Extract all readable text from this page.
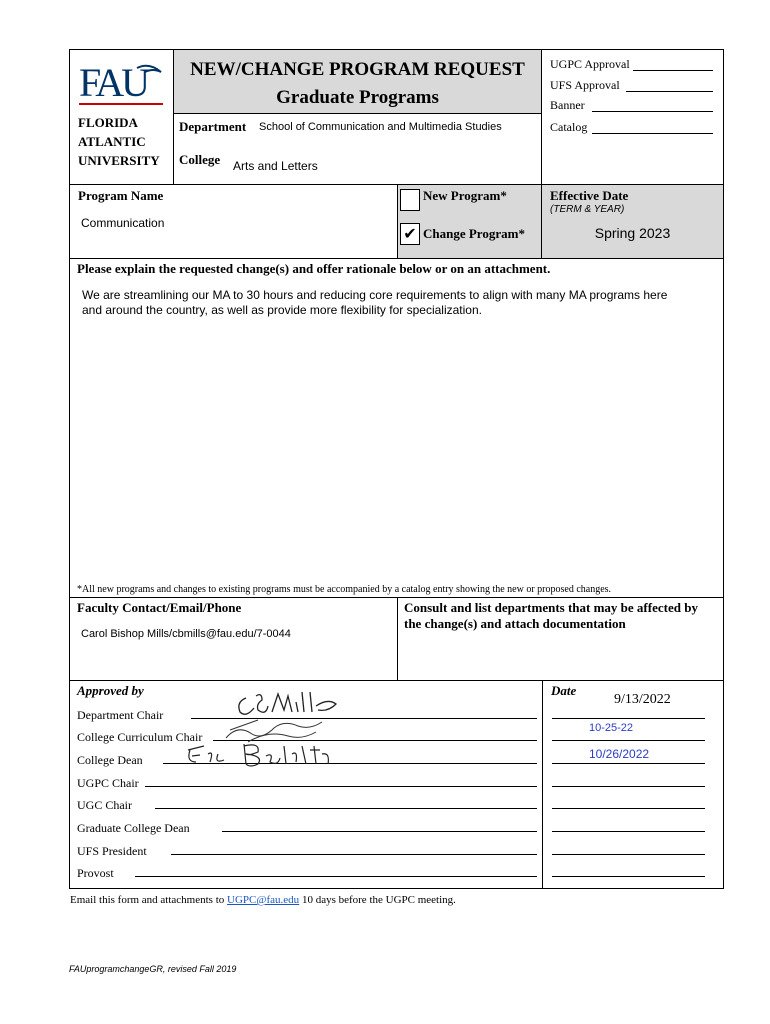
FAU
FLORIDA
ATLANTIC
UNIVERSITY
NEW/CHANGE PROGRAM REQUEST
Graduate Programs
Department School of Communication and Multimedia Studies
College Arts and Letters
UGPC Approval
UFS Approval
Banner
Catalog
Program Name
Communication
New Program*
✔ Change Program*
Effective Date
(TERM & YEAR)
Spring 2023
Please explain the requested change(s) and offer rationale below or on an attachment.
We are streamlining our MA to 30 hours and reducing core requirements to align with many MA programs here
and around the country, as well as provide more flexibility for specialization.
*All new programs and changes to existing programs must be accompanied by a catalog entry showing the new or proposed changes.
Faculty Contact/Email/Phone
Carol Bishop Mills/cbmills@fau.edu/7-0044
Consult and list departments that may be affected by
the change(s) and attach documentation
Approved by	Date
Department Chair
College Curriculum Chair
College Dean
UGPC Chair
UGC Chair
Graduate College Dean
UFS President
Provost
9/13/2022
10-25-22
10/26/2022
Email this form and attachments to UGPC@fau.edu 10 days before the UGPC meeting.
FAUprogramchangeGR, revised Fall 2019
